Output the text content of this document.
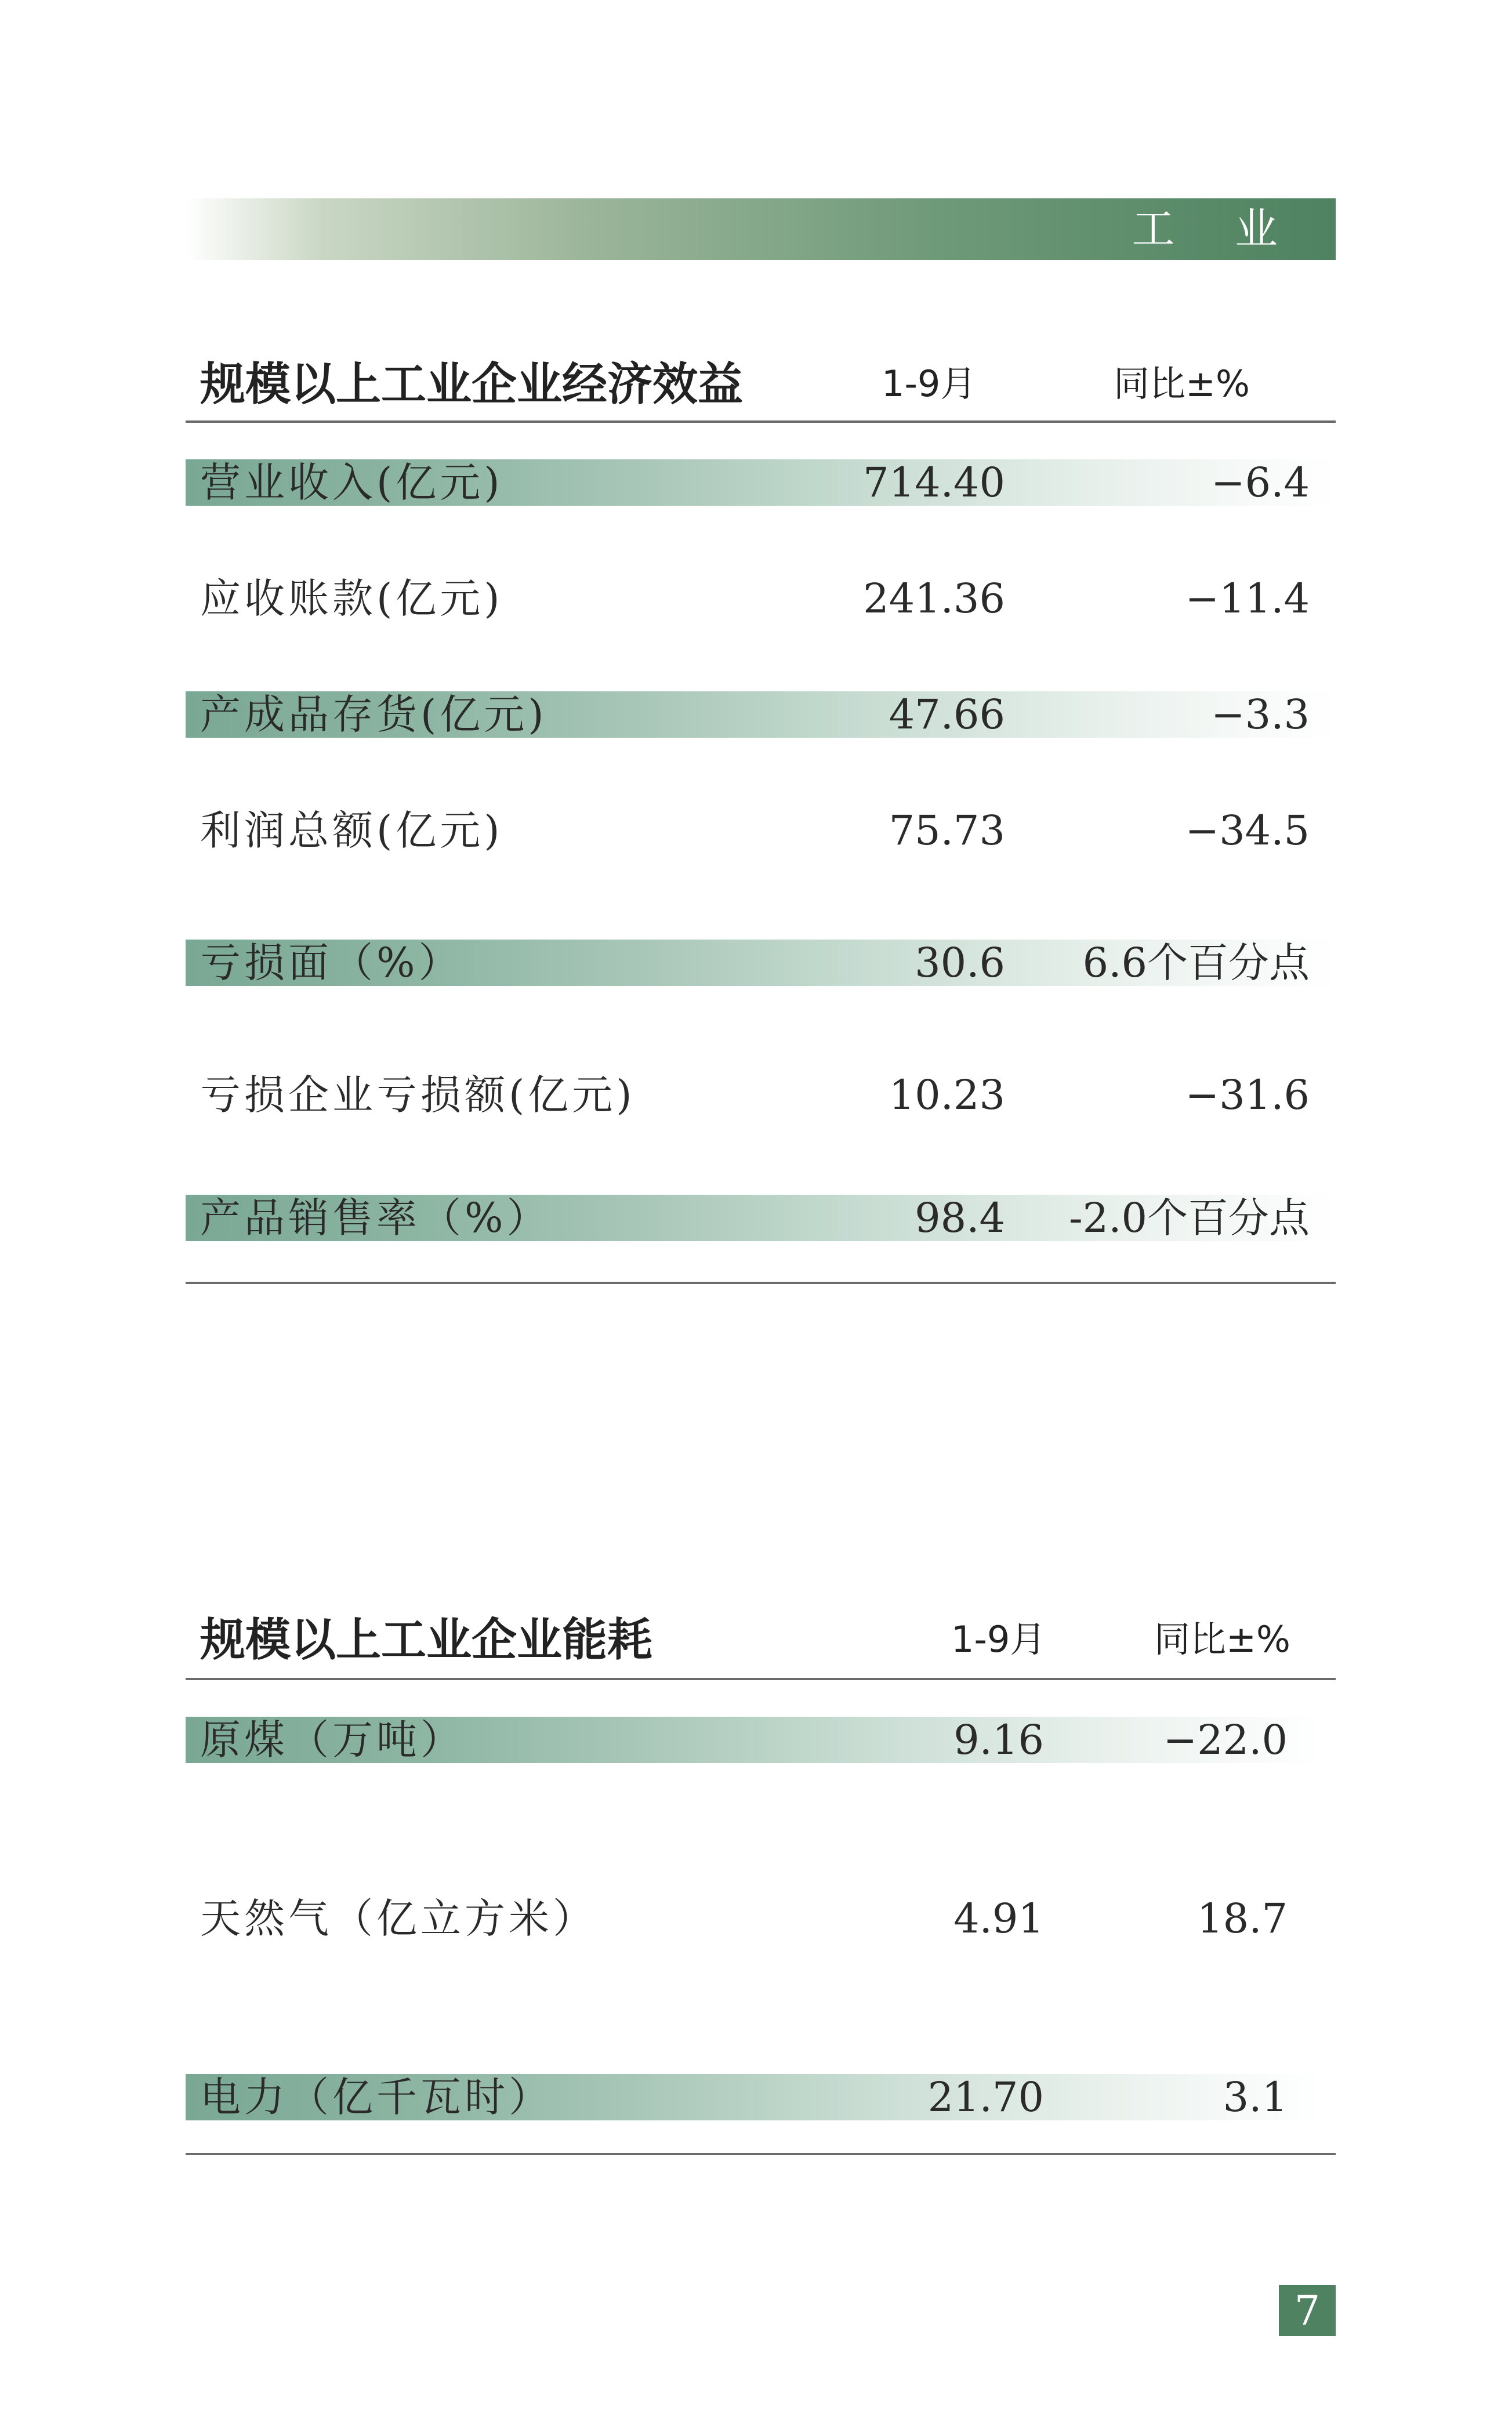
工 业
规模以上工业企业经济效益	1-9月	同比±%
营业收入(亿元)	714.40	−6.4
应收账款(亿元)	241.36	−11.4
产成品存货(亿元)	47.66	−3.3
利润总额(亿元)	75.73	−34.5
亏损面（%）	30.6 6.6个百分点
亏损企业亏损额(亿元)	10.23	−31.6
产品销售率（%）	98.4 -2.0个百分点
规模以上工业企业能耗	1-9月	同比±%
原煤（万吨）	9.16	−22.0
天然气（亿立方米）	4.91	18.7
电力（亿千瓦时）	21.70	3.1
7
